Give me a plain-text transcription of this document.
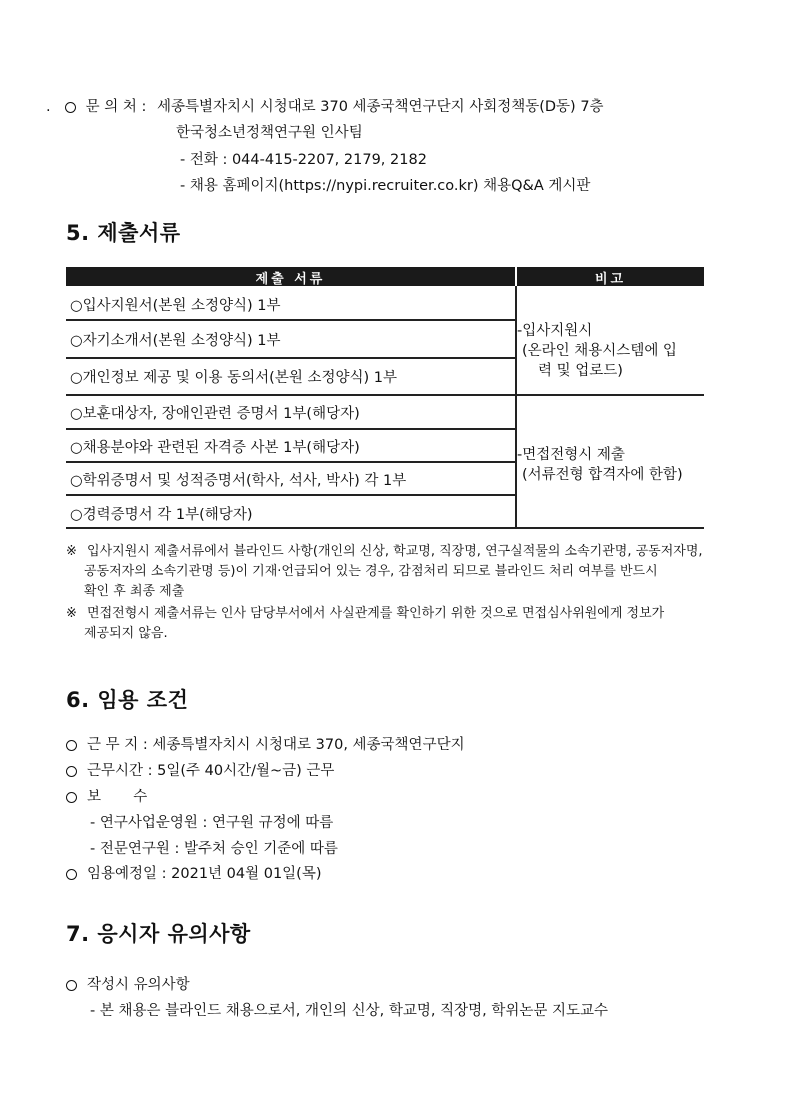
. 문 의 처 : 세종특별자치시 시청대로 370 세종국책연구단지 사회정책동(D동) 7층
한국청소년정책연구원 인사팀
- 전화 : 044-415-2207, 2179, 2182
- 채용 홈페이지(https://nypi.recruiter.co.kr) 채용Q&A 게시판
5. 제출서류
제출 서류	비고
○입사지원서(본원 소정양식) 1부
○자기소개서(본원 소정양식) 1부
○개인정보 제공 및 이용 동의서(본원 소정양식) 1부
-입사지원시
(온라인 채용시스템에 입
력 및 업로드)
○보훈대상자, 장애인관련 증명서 1부(해당자)
○채용분야와 관련된 자격증 사본 1부(해당자)
○학위증명서 및 성적증명서(학사, 석사, 박사) 각 1부
○경력증명서 각 1부(해당자)
-면접전형시 제출
(서류전형 합격자에 한함)
※ 입사지원시 제출서류에서 블라인드 사항(개인의 신상, 학교명, 직장명, 연구실적물의 소속기관명, 공동저자명,
공동저자의 소속기관명 등)이 기재·언급되어 있는 경우, 감점처리 되므로 블라인드 처리 여부를 반드시
확인 후 최종 제출
※ 면접전형시 제출서류는 인사 담당부서에서 사실관계를 확인하기 위한 것으로 면접심사위원에게 정보가
제공되지 않음.
6. 임용 조건
근 무 지 : 세종특별자치시 시청대로 370, 세종국책연구단지
근무시간 : 5일(주 40시간/월~금) 근무
보       수
- 연구사업운영원 : 연구원 규정에 따름
- 전문연구원 : 발주처 승인 기준에 따름
임용예정일 : 2021년 04월 01일(목)
7. 응시자 유의사항
작성시 유의사항
- 본 채용은 블라인드 채용으로서, 개인의 신상, 학교명, 직장명, 학위논문 지도교수
